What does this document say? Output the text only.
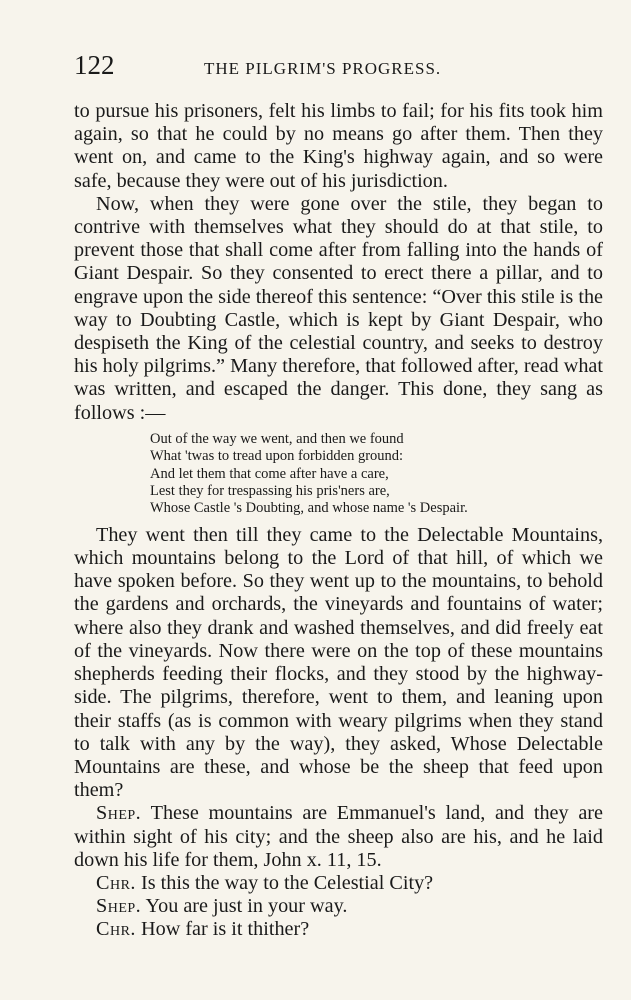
122	THE PILGRIM'S PROGRESS.

to pursue his prisoners, felt his limbs to fail; for his fits took him again, so that he could by no means go after them. Then they went on, and came to the King's highway again, and so were safe, because they were out of his jurisdiction.

Now, when they were gone over the stile, they began to contrive with themselves what they should do at that stile, to prevent those that shall come after from falling into the hands of Giant Despair. So they consented to erect there a pillar, and to engrave upon the side thereof this sentence: “Over this stile is the way to Doubting Castle, which is kept by Giant Despair, who despiseth the King of the celestial country, and seeks to destroy his holy pilgrims.” Many therefore, that followed after, read what was written, and escaped the danger. This done, they sang as follows :—

Out of the way we went, and then we found
What 'twas to tread upon forbidden ground:
And let them that come after have a care,
Lest they for trespassing his pris'ners are,
Whose Castle 's Doubting, and whose name 's Despair.

They went then till they came to the Delectable Mountains, which mountains belong to the Lord of that hill, of which we have spoken before. So they went up to the mountains, to behold the gardens and orchards, the vineyards and fountains of water; where also they drank and washed themselves, and did freely eat of the vineyards. Now there were on the top of these mountains shepherds feeding their flocks, and they stood by the highway-side. The pilgrims, therefore, went to them, and leaning upon their staffs (as is common with weary pilgrims when they stand to talk with any by the way), they asked, Whose Delectable Mountains are these, and whose be the sheep that feed upon them?

Shep. These mountains are Emmanuel's land, and they are within sight of his city; and the sheep also are his, and he laid down his life for them, John x. 11, 15.

Chr. Is this the way to the Celestial City?

Shep. You are just in your way.

Chr. How far is it thither?
